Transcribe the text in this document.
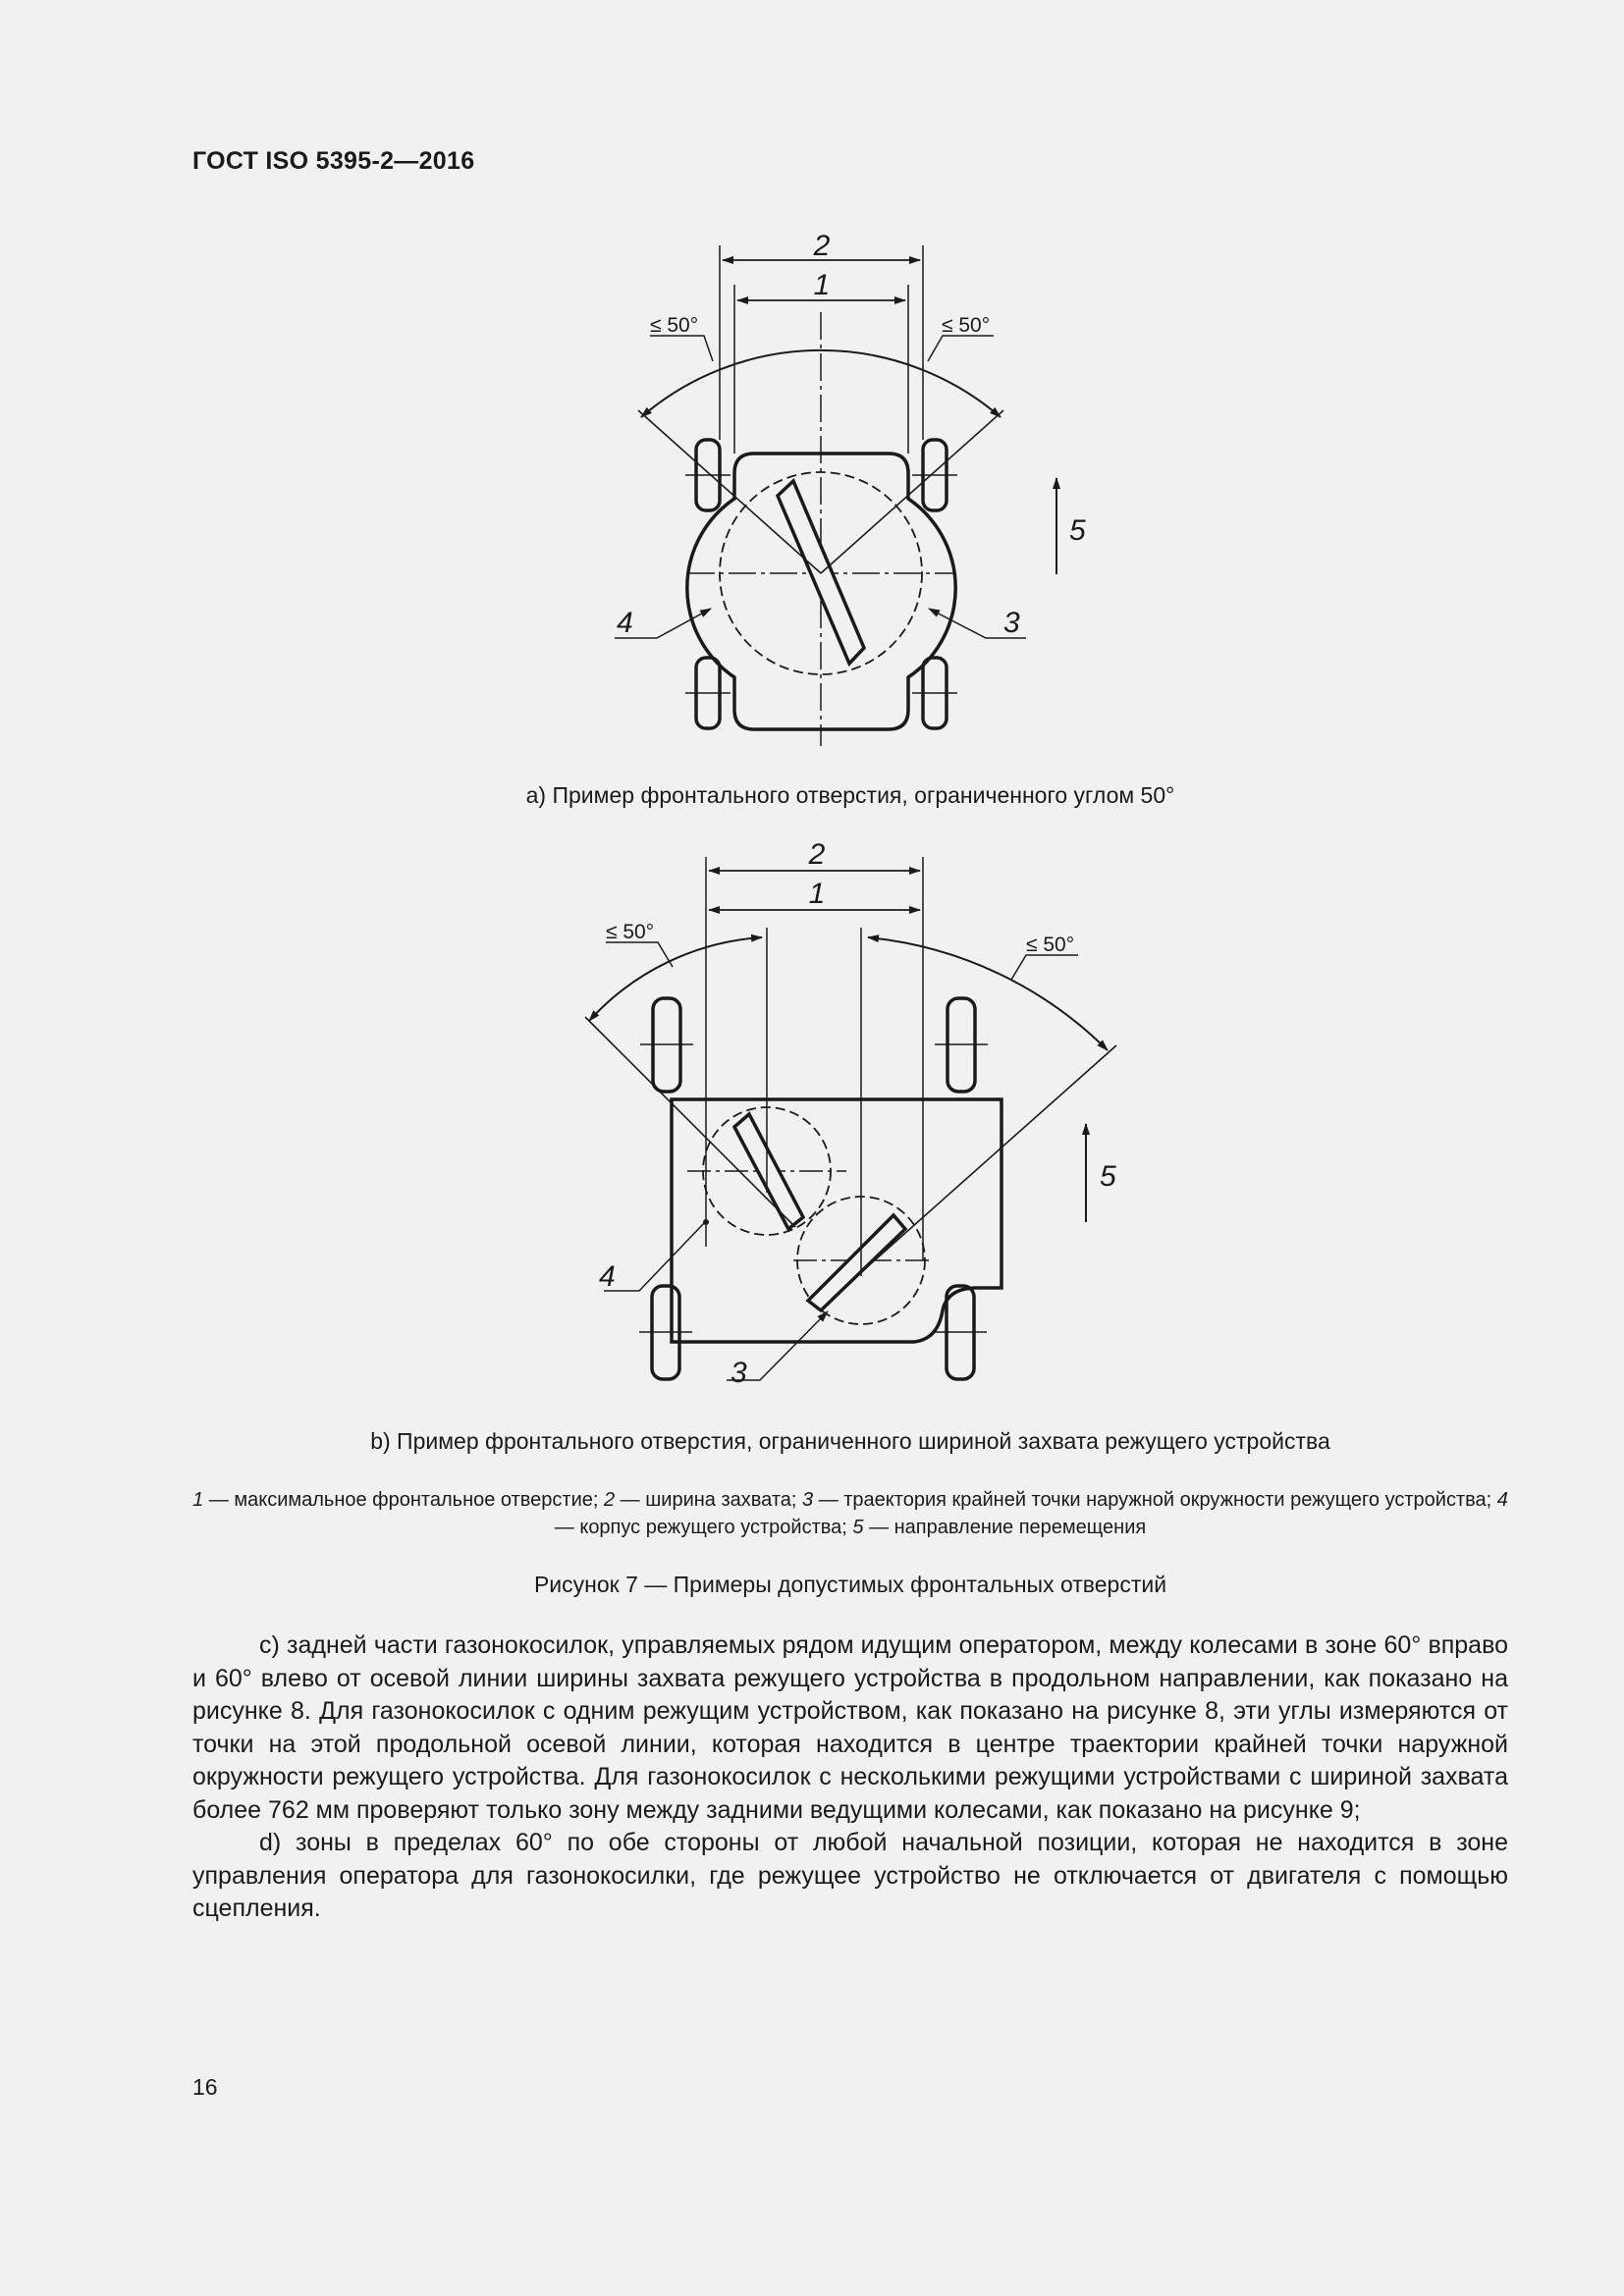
ГОСТ ISO 5395-2—2016
2
1
≤ 50°	≤ 50°
5
4	3
а) Пример фронтального отверстия, ограниченного углом 50°
2
1
≤ 50°
≤ 50°
5
4
3
b) Пример фронтального отверстия, ограниченного шириной захвата режущего устройства
1 — максимальное фронтальное отверстие; 2 — ширина захвата; 3 — траектория крайней точки наружной окружности режущего устройства; 4 — корпус режущего устройства; 5 — направление перемещения
Рисунок 7 — Примеры допустимых фронтальных отверстий

с) задней части газонокосилок, управляемых рядом идущим оператором, между колесами в зоне 60° вправо и 60° влево от осевой линии ширины захвата режущего устройства в продольном направлении, как показано на рисунке 8. Для газонокосилок с одним режущим устройством, как показано на рисунке 8, эти углы измеряются от точки на этой продольной осевой линии, которая находится в центре траектории крайней точки наружной окружности режущего устройства. Для газонокосилок с несколькими режущими устройствами с шириной захвата более 762 мм проверяют только зону между задними ведущими колесами, как показано на рисунке 9;

d) зоны в пределах 60° по обе стороны от любой начальной позиции, которая не находится в зоне управления оператора для газонокосилки, где режущее устройство не отключается от двигателя с помощью сцепления.

16
